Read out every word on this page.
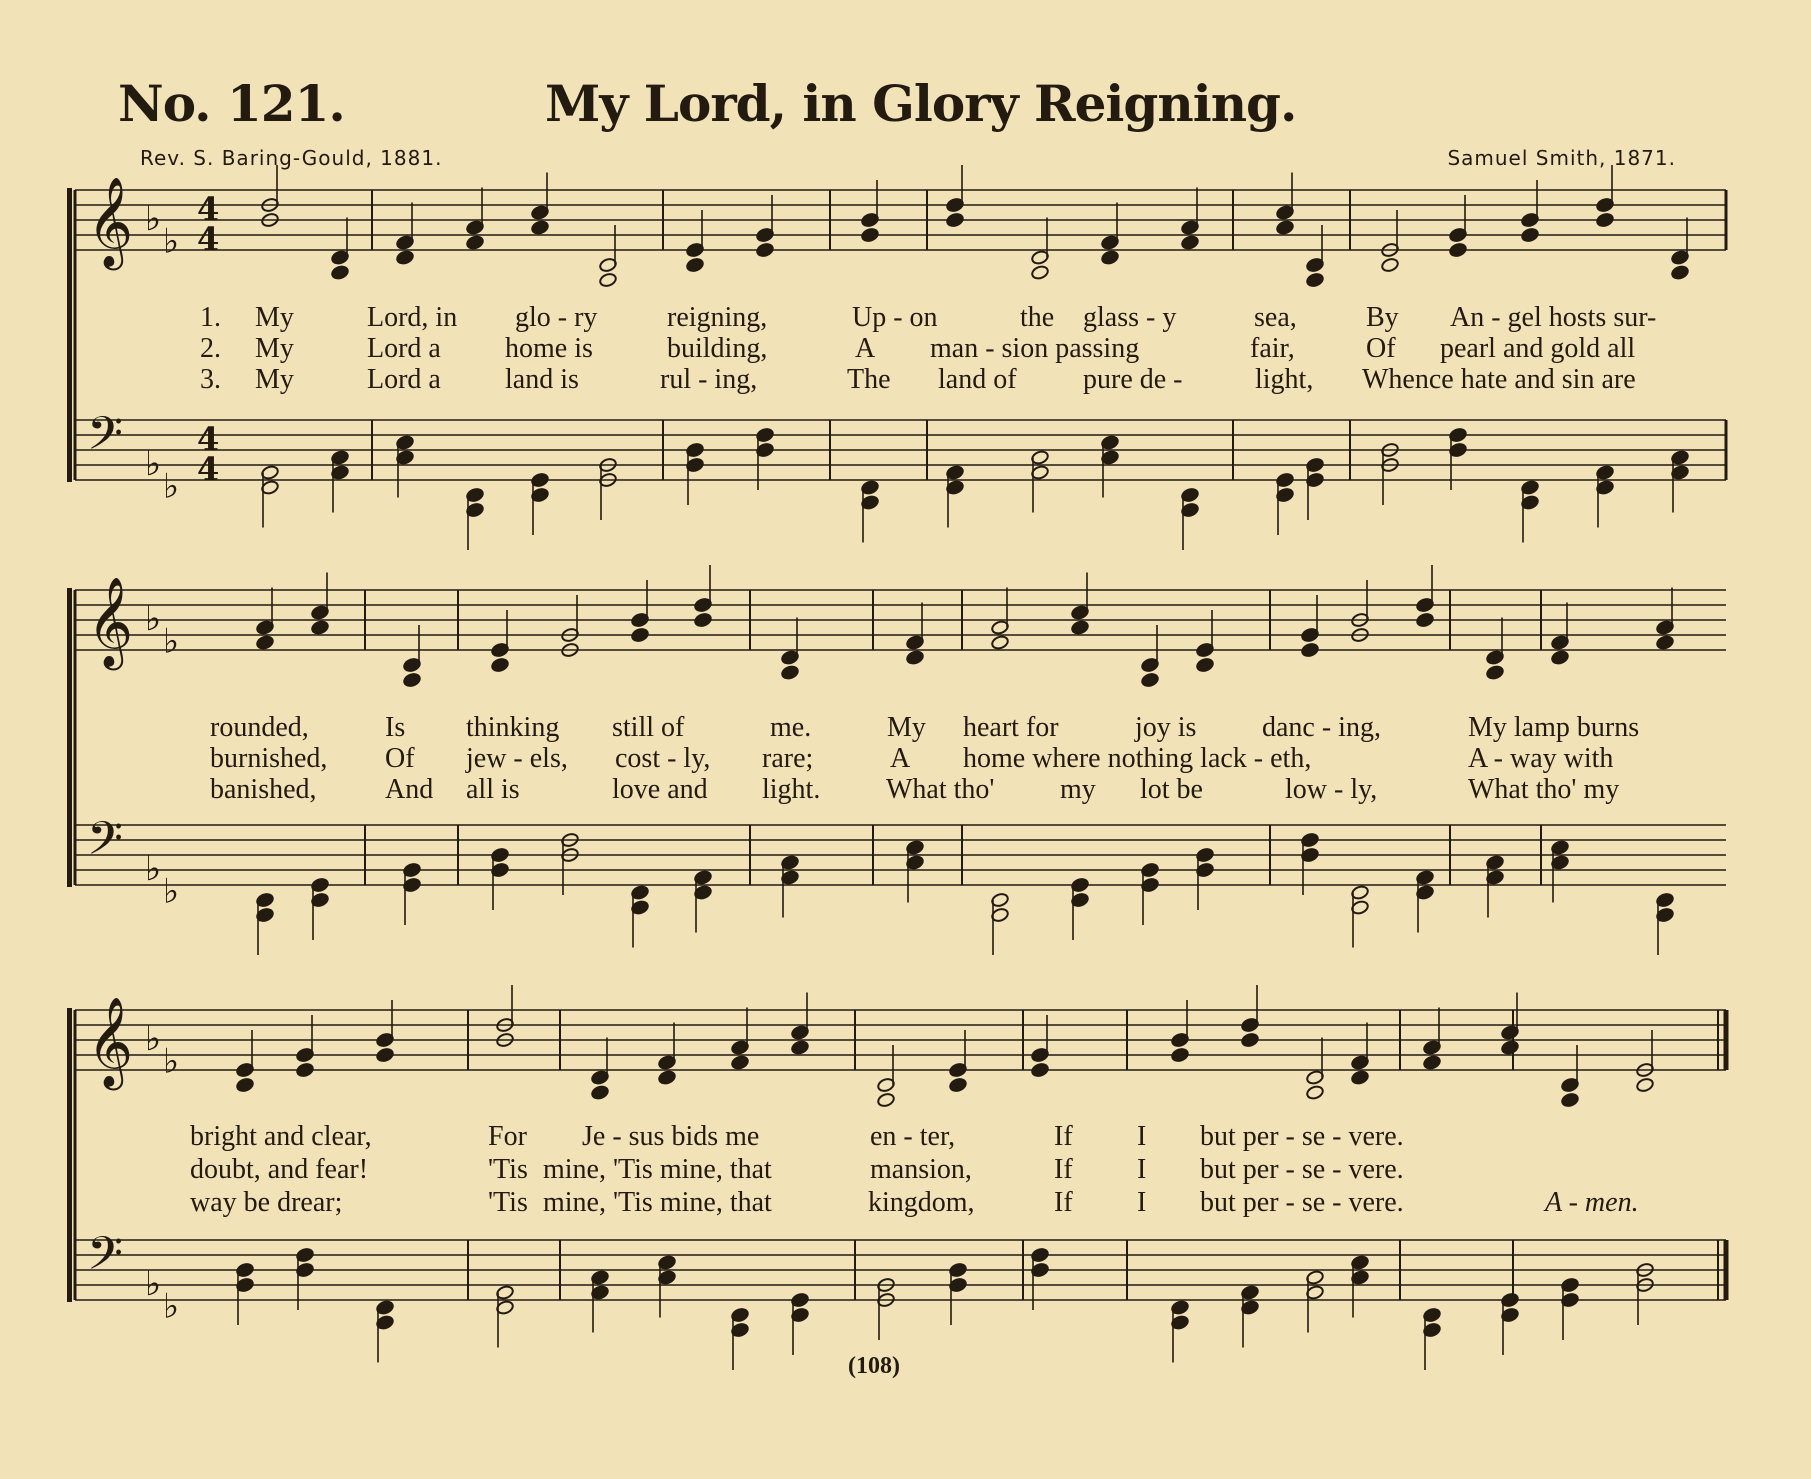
No. 121.	My Lord, in Glory Reigning.
Rev. S. Baring-Gould, 1881.	Samuel Smith, 1871.
𝄞 ♭
♭
4
4
𝄢 ♭
♭
4
4
𝄞 ♭
♭
𝄢 ♭
♭
𝄞 ♭
♭
𝄢 ♭
♭
1. My	Lord, in glo - ry reigning,	Up - on	the glass - y	sea, By An - gel hosts sur-
2. My	Lord a home is	building,	A man - sion passing	fair,	Of pearl and gold all
3. My	Lord a land is	rul - ing,	The land of pure de -	light, Whence hate and sin are
rounded,	Is thinking still of	me.	My heart for	joy is danc - ing,	My lamp burns
burnished, Of jew - els, cost - ly, rare;	A home where nothing lack - eth,	A - way with
banished, And all is	love and light. What tho' my lot be	low - ly,	What tho' my
bright and clear,	For Je - sus bids me	en - ter,	If I but per - se - vere.
doubt, and fear!	'Tis mine, 'Tis mine, that	mansion,	If I but per - se - vere.
way be drear;	'Tis mine, 'Tis mine, that	kingdom,	If I but per - se - vere.	A - men.
(108)
